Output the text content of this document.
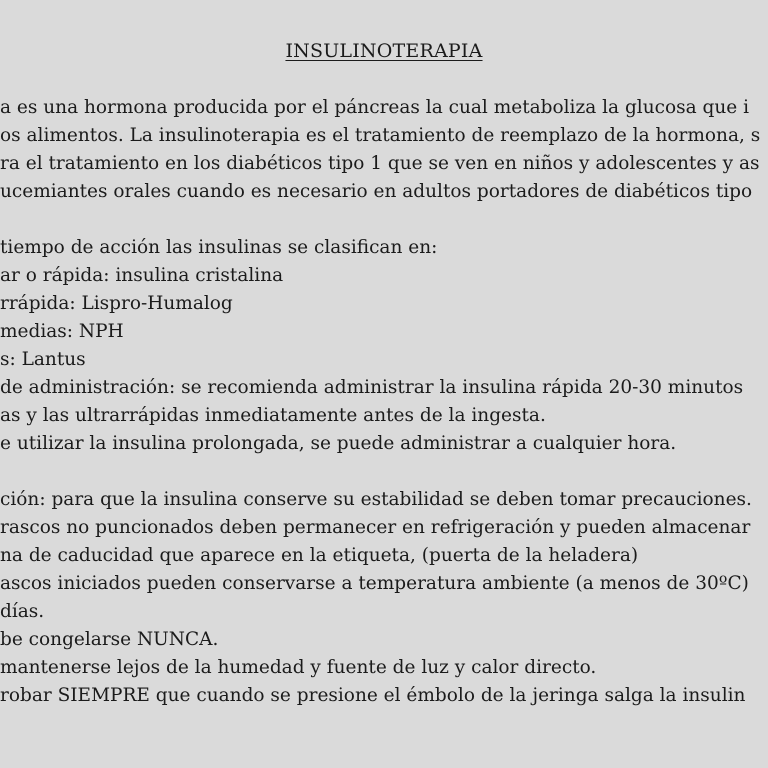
INSULINOTERAPIA
a es una hormona producida por el páncreas la cual metaboliza la glucosa que i
os alimentos. La insulinoterapia es el tratamiento de reemplazo de la hormona, s
ra el tratamiento en los diabéticos tipo 1 que se ven en niños y adolescentes y as
ucemiantes orales cuando es necesario en adultos portadores de diabéticos tipo
tiempo de acción las insulinas se clasifican en:
ar o rápida: insulina cristalina
rrápida: Lispro-Humalog
medias: NPH
s: Lantus
de administración: se recomienda administrar la insulina rápida 20-30 minutos
as y las ultrarrápidas inmediatamente antes de la ingesta.
e utilizar la insulina prolongada, se puede administrar a cualquier hora.
ción: para que la insulina conserve su estabilidad se deben tomar precauciones.
rascos no puncionados deben permanecer en refrigeración y pueden almacenar
na de caducidad que aparece en la etiqueta, (puerta de la heladera)
ascos iniciados pueden conservarse a temperatura ambiente (a menos de 30ºC)
días.
be congelarse NUNCA.
mantenerse lejos de la humedad y fuente de luz y calor directo.
robar SIEMPRE que cuando se presione el émbolo de la jeringa salga la insulin
